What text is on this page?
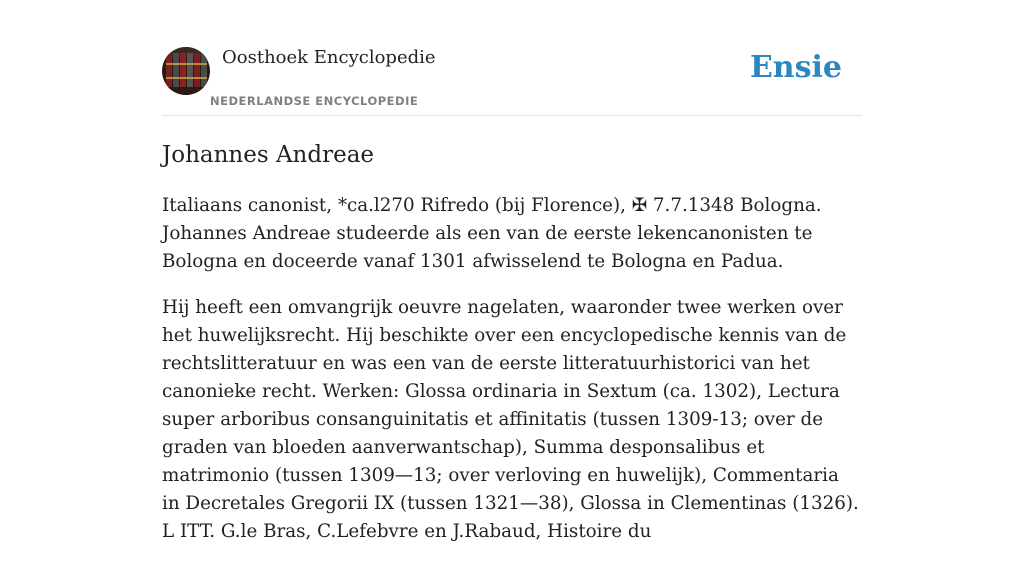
Oosthoek Encyclopedie
NEDERLANDSE ENCYCLOPEDIE
Ensie
Johannes Andreae

Italiaans canonist, *ca.l270 Rifredo (bij Florence), ✠ 7.7.1348 Bologna. Johannes Andreae studeerde als een van de eerste lekencanonisten te Bologna en doceerde vanaf 1301 afwisselend te Bologna en Padua.

Hij heeft een omvangrijk oeuvre nagelaten, waaronder twee werken over het huwelijksrecht. Hij beschikte over een encyclopedische kennis van de rechtslitteratuur en was een van de eerste litteratuurhistorici van het canonieke recht. Werken: Glossa ordinaria in Sextum (ca. 1302), Lectura super arboribus consanguinitatis et affinitatis (tussen 1309-13; over de graden van bloeden aanverwantschap), Summa desponsalibus et matrimonio (tussen 1309—13; over verloving en huwelijk), Commentaria in Decretales Gregorii IX (tussen 1321—38), Glossa in Clementinas (1326). L ITT. G.le Bras, C.Lefebvre en J.Rabaud, Histoire du
